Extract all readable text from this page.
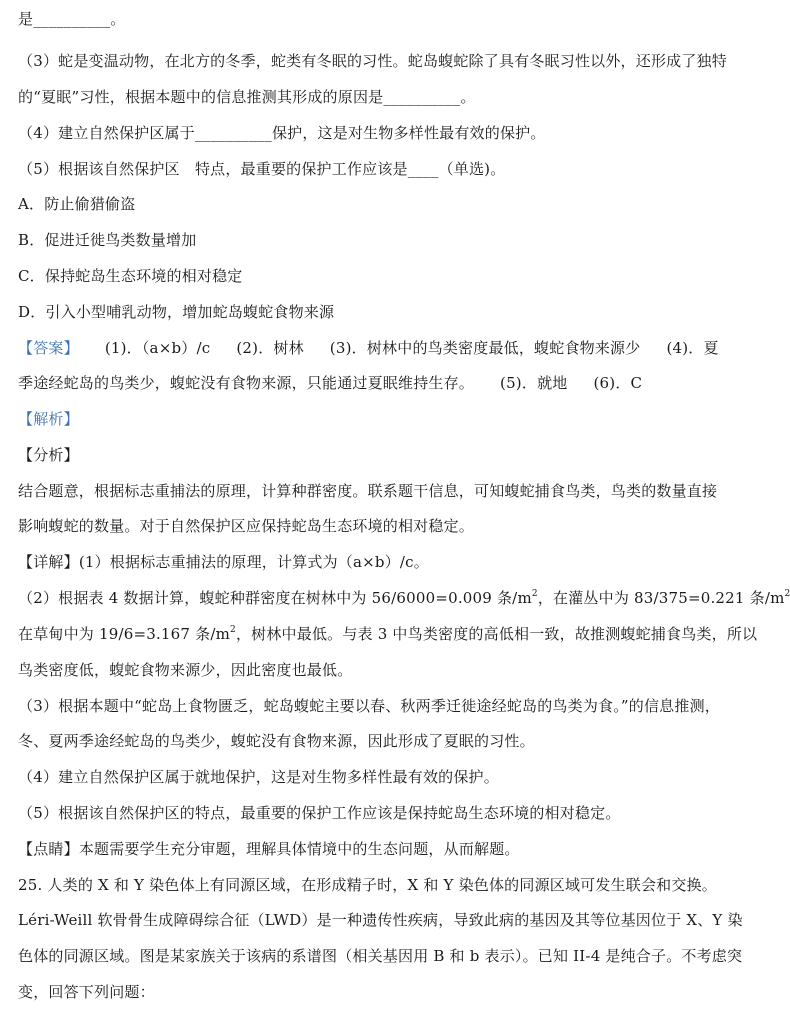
是__________。
（3）蛇是变温动物，在北方的冬季，蛇类有冬眠的习性。蛇岛蝮蛇除了具有冬眠习性以外，还形成了独特
的“夏眠”习性，根据本题中的信息推测其形成的原因是__________。
（4）建立自然保护区属于__________保护，这是对生物多样性最有效的保护。
（5）根据该自然保护区　特点，最重要的保护工作应该是____（单选)。
A．防止偷猎偷盗
B．促进迁徙鸟类数量增加
C．保持蛇岛生态环境的相对稳定
D．引入小型哺乳动物，增加蛇岛蝮蛇食物来源
【答案】 (1)．（a×b）/c (2)．树林 (3)．树林中的鸟类密度最低，蝮蛇食物来源少 (4)．夏
季途经蛇岛的鸟类少，蝮蛇没有食物来源，只能通过夏眠维持生存。 (5)．就地 (6)．C
【解析】
【分析】
结合题意，根据标志重捕法的原理，计算种群密度。联系题干信息，可知蝮蛇捕食鸟类，鸟类的数量直接
影响蝮蛇的数量。对于自然保护区应保持蛇岛生态环境的相对稳定。
【详解】(1）根据标志重捕法的原理，计算式为（a×b）/c。
（2）根据表 4 数据计算，蝮蛇种群密度在树林中为 56/6000=0.009 条$/m^2$，在灌丛中为 83/375=0.221 条$/m^2$
在草甸中为 19/6=3.167 条$/m^2$，树林中最低。与表 3 中鸟类密度的高低相一致，故推测蝮蛇捕食鸟类，所以
鸟类密度低，蝮蛇食物来源少，因此密度也最低。
（3）根据本题中“蛇岛上食物匮乏，蛇岛蝮蛇主要以春、秋两季迁徙途经蛇岛的鸟类为食。”的信息推测，
冬、夏两季途经蛇岛的鸟类少，蝮蛇没有食物来源，因此形成了夏眠的习性。
（4）建立自然保护区属于就地保护，这是对生物多样性最有效的保护。
（5）根据该自然保护区的特点，最重要的保护工作应该是保持蛇岛生态环境的相对稳定。
【点睛】本题需要学生充分审题，理解具体情境中的生态问题，从而解题。
25. 人类的 X 和 Y 染色体上有同源区域，在形成精子时，X 和 Y 染色体的同源区域可发生联会和交换。
Léri-Weill 软骨骨生成障碍综合征（LWD）是一种遗传性疾病，导致此病的基因及其等位基因位于 X、Y 染
色体的同源区域。图是某家族关于该病的系谱图（相关基因用 B 和 b 表示）。已知 II-4 是纯合子。不考虑突
变，回答下列问题：
